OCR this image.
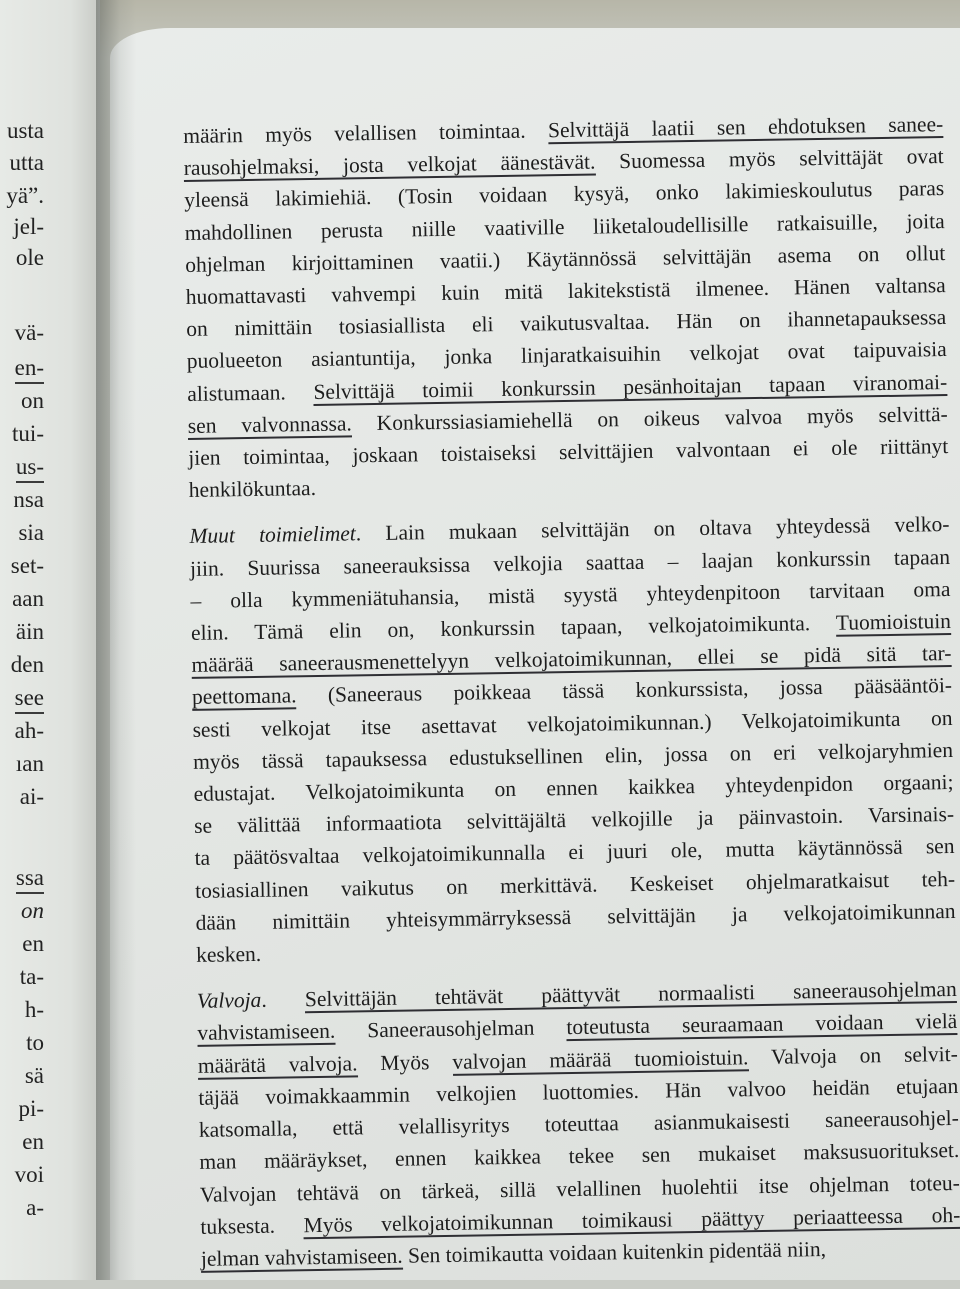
usta
utta
yä”.
jel-
ole
vä-
en-
on
tui-
us-
nsa
sia
set-
aan
äin
den
see
ah-
ıan
ai-
ssa
on
en
ta-
h-
to
sä
pi-
en
voi
a-
määrin myös velallisen toimintaa. Selvittäjä laatii sen ehdotuksen sanee-
rausohjelmaksi, josta velkojat äänestävät. Suomessa myös selvittäjät ovat
yleensä lakimiehiä. (Tosin voidaan kysyä, onko lakimieskoulutus paras
mahdollinen perusta niille vaativille liiketaloudellisille ratkaisuille, joita
ohjelman kirjoittaminen vaatii.) Käytännössä selvittäjän asema on ollut
huomattavasti vahvempi kuin mitä lakitekstistä ilmenee. Hänen valtansa
on nimittäin tosiasiallista eli vaikutusvaltaa. Hän on ihannetapauksessa
puolueeton asiantuntija, jonka linjaratkaisuihin velkojat ovat taipuvaisia
alistumaan. Selvittäjä toimii konkurssin pesänhoitajan tapaan viranomai-
sen valvonnassa. Konkurssiasiamiehellä on oikeus valvoa myös selvittä-
jien toimintaa, joskaan toistaiseksi selvittäjien valvontaan ei ole riittänyt
henkilökuntaa.
Muut toimielimet. Lain mukaan selvittäjän on oltava yhteydessä velko-
jiin. Suurissa saneerauksissa velkojia saattaa – laajan konkurssin tapaan
– olla kymmeniätuhansia, mistä syystä yhteydenpitoon tarvitaan oma
elin. Tämä elin on, konkurssin tapaan, velkojatoimikunta. Tuomioistuin
määrää saneerausmenettelyyn velkojatoimikunnan, ellei se pidä sitä tar-
peettomana. (Saneeraus poikkeaa tässä konkurssista, jossa pääsääntöi-
sesti velkojat itse asettavat velkojatoimikunnan.) Velkojatoimikunta on
myös tässä tapauksessa edustuksellinen elin, jossa on eri velkojaryhmien
edustajat. Velkojatoimikunta on ennen kaikkea yhteydenpidon orgaani;
se välittää informaatiota selvittäjältä velkojille ja päinvastoin. Varsinais-
ta päätösvaltaa velkojatoimikunnalla ei juuri ole, mutta käytännössä sen
tosiasiallinen vaikutus on merkittävä. Keskeiset ohjelmaratkaisut teh-
dään nimittäin yhteisymmärryksessä selvittäjän ja velkojatoimikunnan
kesken.
Valvoja. Selvittäjän tehtävät päättyvät normaalisti saneerausohjelman
vahvistamiseen. Saneerausohjelman toteutusta seuraamaan voidaan vielä
määrätä valvoja. Myös valvojan määrää tuomioistuin. Valvoja on selvit-
täjää voimakkaammin velkojien luottomies. Hän valvoo heidän etujaan
katsomalla, että velallisyritys toteuttaa asianmukaisesti saneerausohjel-
man määräykset, ennen kaikkea tekee sen mukaiset maksusuoritukset.
Valvojan tehtävä on tärkeä, sillä velallinen huolehtii itse ohjelman toteu-
tuksesta. Myös velkojatoimikunnan toimikausi päättyy periaatteessa oh-
jelman vahvistamiseen. Sen toimikautta voidaan kuitenkin pidentää niin,
